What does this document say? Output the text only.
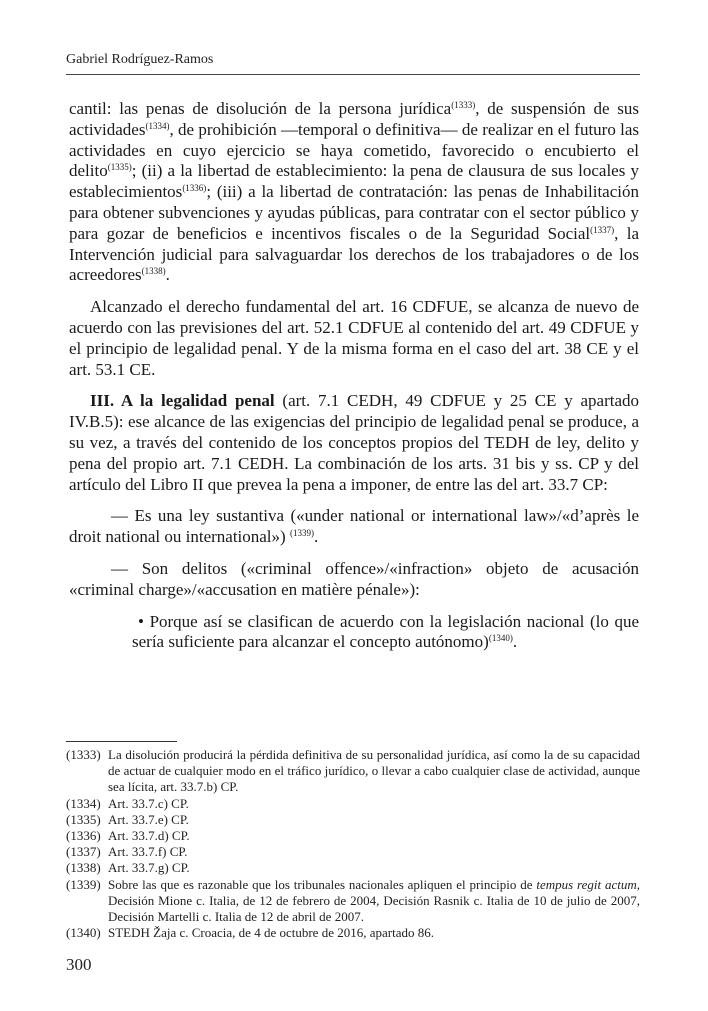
Gabriel Rodríguez-Ramos

cantil: las penas de disolución de la persona jurídica$^{(1333)}$, de suspensión de sus actividades$^{(1334)}$, de prohibición —temporal o definitiva— de realizar en el futuro las actividades en cuyo ejercicio se haya cometido, favorecido o encubierto el delito$^{(1335)}$; (ii) a la libertad de establecimiento: la pena de clausura de sus locales y establecimientos$^{(1336)}$; (iii) a la libertad de contratación: las penas de Inhabilitación para obtener subvenciones y ayudas públicas, para contratar con el sector público y para gozar de beneficios e incentivos fiscales o de la Seguridad Social$^{(1337)}$, la Intervención judicial para salvaguardar los derechos de los trabajadores o de los acreedores$^{(1338)}$.

Alcanzado el derecho fundamental del art. 16 CDFUE, se alcanza de nuevo de acuerdo con las previsiones del art. 52.1 CDFUE al contenido del art. 49 CDFUE y el principio de legalidad penal. Y de la misma forma en el caso del art. 38 CE y el art. 53.1 CE.

III. A la legalidad penal (art. 7.1 CEDH, 49 CDFUE y 25 CE y apartado IV.B.5): ese alcance de las exigencias del principio de legalidad penal se produce, a su vez, a través del contenido de los conceptos propios del TEDH de ley, delito y pena del propio art. 7.1 CEDH. La combinación de los arts. 31 bis y ss. CP y del artículo del Libro II que prevea la pena a imponer, de entre las del art. 33.7 CP:

— Es una ley sustantiva («under national or international law»/«d’après le droit national ou international») $^{(1339)}$.

— Son delitos («criminal offence»/«infraction» objeto de acusación «criminal charge»/«accusation en matière pénale»):

• Porque así se clasifican de acuerdo con la legislación nacional (lo que sería suficiente para alcanzar el concepto autónomo)$^{(1340)}$.

(1333) La disolución producirá la pérdida definitiva de su personalidad jurídica, así como la de su capacidad de actuar de cualquier modo en el tráfico jurídico, o llevar a cabo cualquier clase de actividad, aunque sea lícita, art. 33.7.b) CP.
(1334) Art. 33.7.c) CP.
(1335) Art. 33.7.e) CP.
(1336) Art. 33.7.d) CP.
(1337) Art. 33.7.f) CP.
(1338) Art. 33.7.g) CP.
(1339) Sobre las que es razonable que los tribunales nacionales apliquen el principio de tempus regit actum, Decisión Mione c. Italia, de 12 de febrero de 2004, Decisión Rasnik c. Italia de 10 de julio de 2007, Decisión Martelli c. Italia de 12 de abril de 2007.
(1340) STEDH Žaja c. Croacia, de 4 de octubre de 2016, apartado 86.
300
